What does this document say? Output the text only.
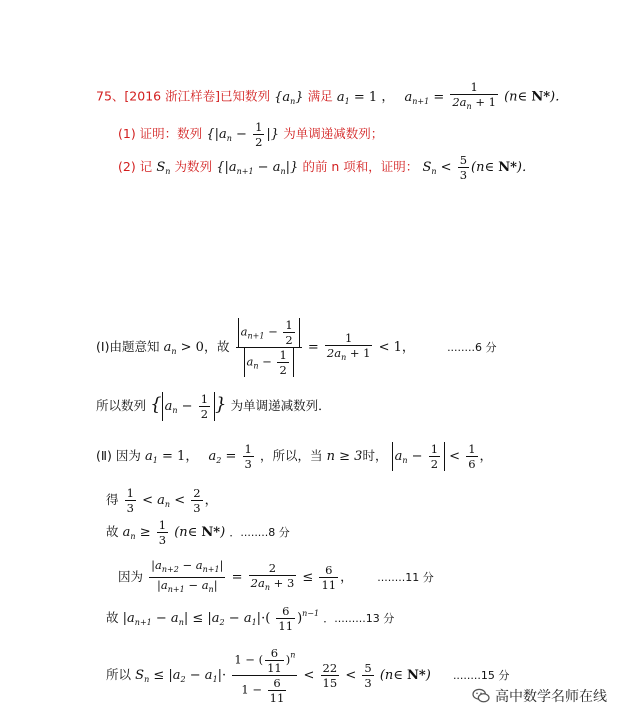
75、[2016 浙江样卷]已知数列 $\{a_n\}$ 满足 $a_1 = 1$ ， $a_{n+1} = \frac{1}{2a_n + 1}$ (n∈ N*)．
(1) 证明：数列 {$|a_n - \frac{1}{2}$ |} 为单调递减数列；
(2) 记 $S_n$ 为数列 $\{|a_{n+1} - a_n|\}$ 的前 n 项和，证明： $S_n < \frac{5}{3}$ (n∈ N*)．
(Ⅰ)由题意知 $a_n > 0$，故 $\frac{a_{n+1} - \frac{1}{2}}{a_n - \frac{1}{2}} = \frac{1}{2a_n + 1} < 1$，	........6 分
所以数列 { $a_n - \frac{1}{2}$ } 为单调递减数列．
(Ⅱ) 因为 $a_1 = 1$， $a_2 = \frac{1}{3}$ ，所以，当 n ≥ 3时， $a_n - \frac{1}{2} < \frac{1}{6}$ ，
得 $\frac{1}{3} < a_n < \frac{2}{3}$ ，
故 $a_n \ge \frac{1}{3}$ (n∈ N*) ．........8 分
因为 $\frac{|a_{n+2} - a_{n+1}|}{|a_{n+1} - a_n|} = \frac{2}{2a_n + 3} \le \frac{6}{11}$ ， ........11 分
故 $|a_{n+1} - a_n| \le |a_2 - a_1|\cdot( \frac{6}{11} )^{n-1}$ ．.........13 分
所以 $S_n \le |a_2 - a_1|\cdot \frac{1 - ( \frac{6}{11} )^n}{1 - \frac{6}{11}} < \frac{22}{15} < \frac{5}{3}$ (n∈ N*) ........15 分
高中数学名师在线
